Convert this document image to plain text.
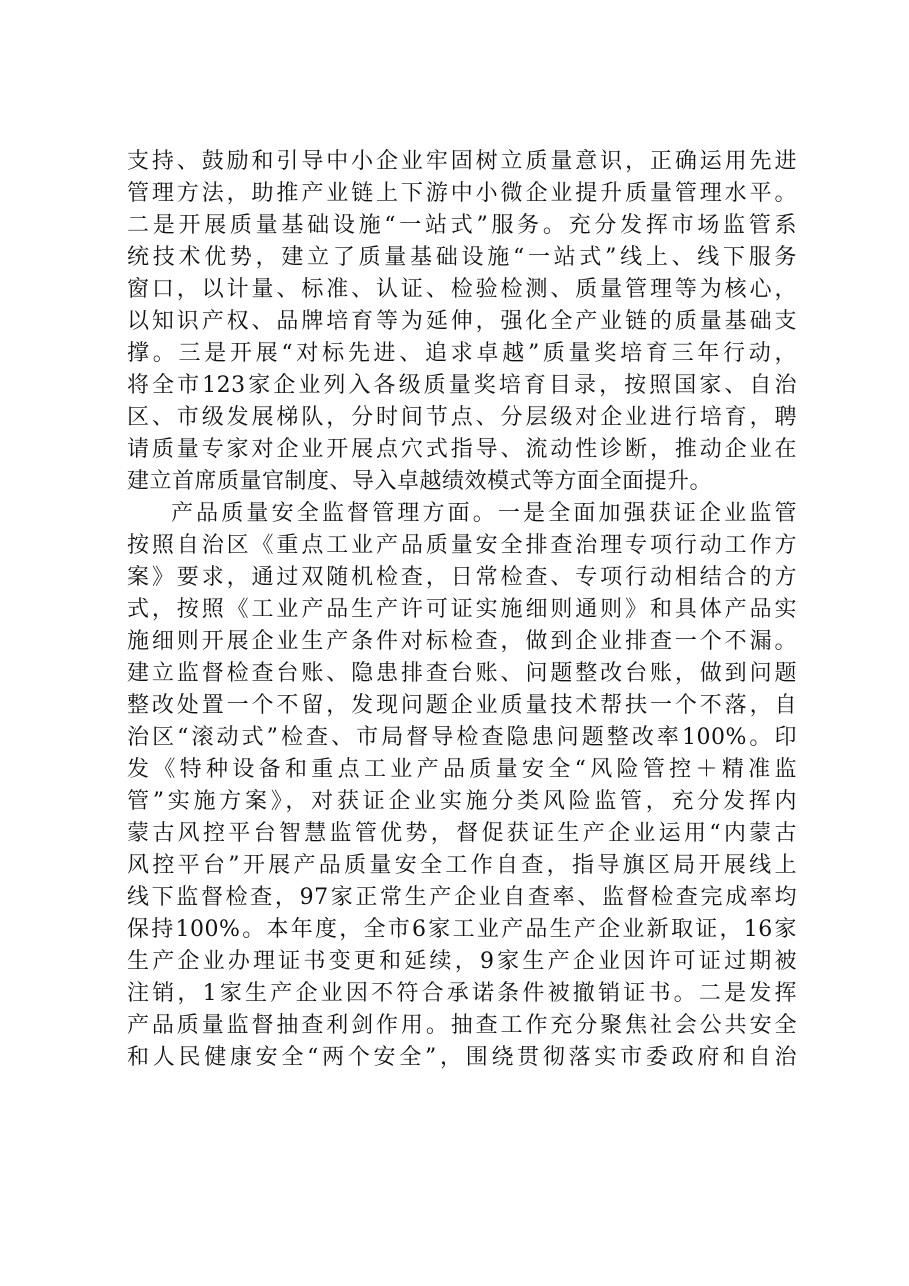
支持、鼓励和引导中小企业牢固树立质量意识，正确运用先进
管理方法，助推产业链上下游中小微企业提升质量管理水平。
二是开展质量基础设施“一站式”服务。充分发挥市场监管系
统技术优势，建立了质量基础设施“一站式”线上、线下服务
窗口，以计量、标准、认证、检验检测、质量管理等为核心，
以知识产权、品牌培育等为延伸，强化全产业链的质量基础支
撑。三是开展“对标先进、追求卓越”质量奖培育三年行动，
将全市123家企业列入各级质量奖培育目录，按照国家、自治
区、市级发展梯队，分时间节点、分层级对企业进行培育，聘
请质量专家对企业开展点穴式指导、流动性诊断，推动企业在
建立首席质量官制度、导入卓越绩效模式等方面全面提升。
产品质量安全监督管理方面。一是全面加强获证企业监管
按照自治区《重点工业产品质量安全排查治理专项行动工作方
案》要求，通过双随机检查，日常检查、专项行动相结合的方
式，按照《工业产品生产许可证实施细则通则》和具体产品实
施细则开展企业生产条件对标检查，做到企业排查一个不漏。
建立监督检查台账、隐患排查台账、问题整改台账，做到问题
整改处置一个不留，发现问题企业质量技术帮扶一个不落，自
治区“滚动式”检查、市局督导检查隐患问题整改率100%。印
发《特种设备和重点工业产品质量安全“风险管控＋精准监
管”实施方案》，对获证企业实施分类风险监管，充分发挥内
蒙古风控平台智慧监管优势，督促获证生产企业运用“内蒙古
风控平台”开展产品质量安全工作自查，指导旗区局开展线上
线下监督检查，97家正常生产企业自查率、监督检查完成率均
保持100%。本年度，全市6家工业产品生产企业新取证，16家
生产企业办理证书变更和延续，9家生产企业因许可证过期被
注销，1家生产企业因不符合承诺条件被撤销证书。二是发挥
产品质量监督抽查利剑作用。抽查工作充分聚焦社会公共安全
和人民健康安全“两个安全”，围绕贯彻落实市委政府和自治
